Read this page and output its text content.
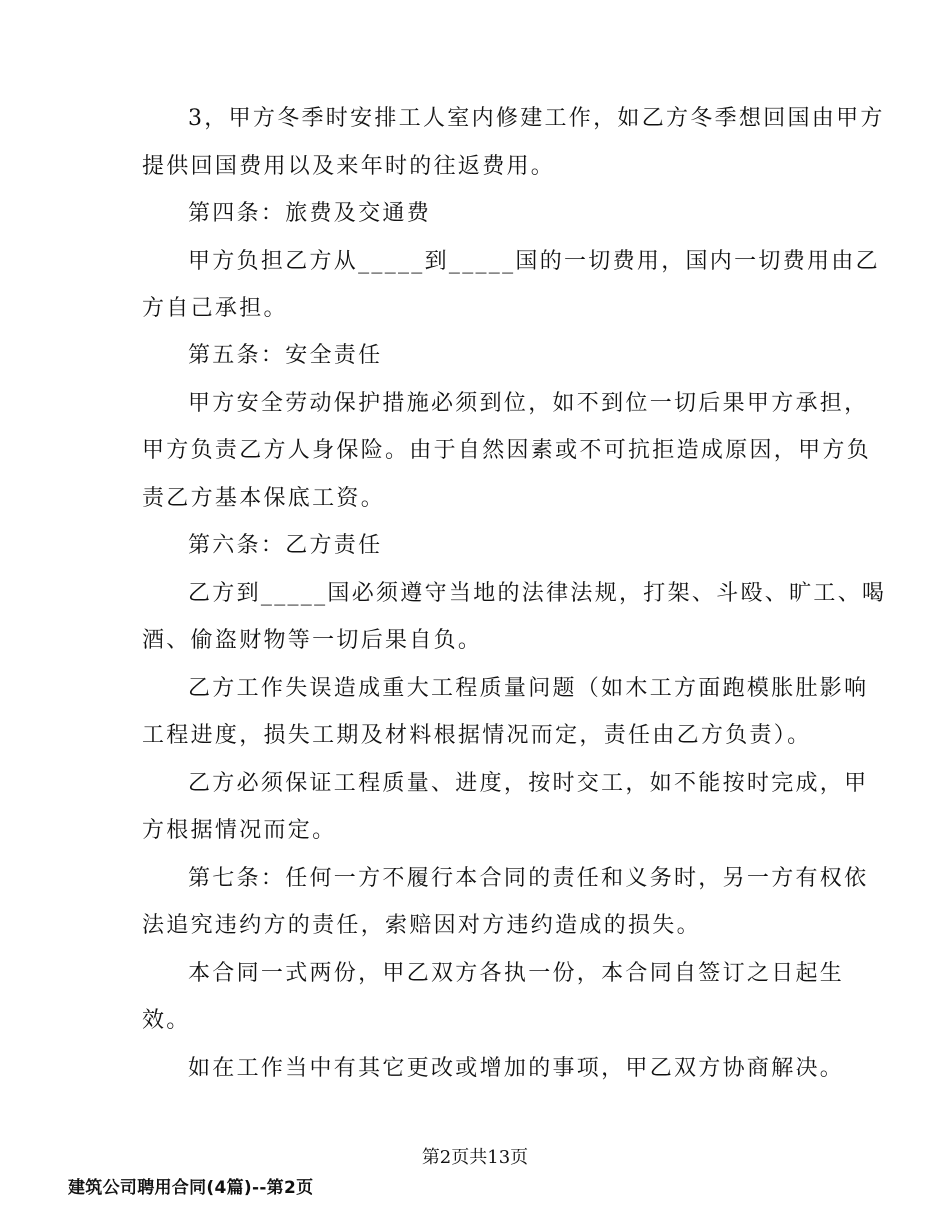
3，甲方冬季时安排工人室内修建工作，如乙方冬季想回国由甲方
提供回国费用以及来年时的往返费用。
第四条：旅费及交通费
甲方负担乙方从_____到_____国的一切费用，国内一切费用由乙
方自己承担。
第五条：安全责任
甲方安全劳动保护措施必须到位，如不到位一切后果甲方承担，
甲方负责乙方人身保险。由于自然因素或不可抗拒造成原因，甲方负
责乙方基本保底工资。
第六条：乙方责任
乙方到_____国必须遵守当地的法律法规，打架、斗殴、旷工、喝
酒、偷盗财物等一切后果自负。
乙方工作失误造成重大工程质量问题（如木工方面跑模胀肚影响
工程进度，损失工期及材料根据情况而定，责任由乙方负责）。
乙方必须保证工程质量、进度，按时交工，如不能按时完成，甲
方根据情况而定。
第七条：任何一方不履行本合同的责任和义务时，另一方有权依
法追究违约方的责任，索赔因对方违约造成的损失。
本合同一式两份，甲乙双方各执一份，本合同自签订之日起生
效。
如在工作当中有其它更改或增加的事项，甲乙双方协商解决。
第2页共13页
建筑公司聘用合同(4篇)--第2页
